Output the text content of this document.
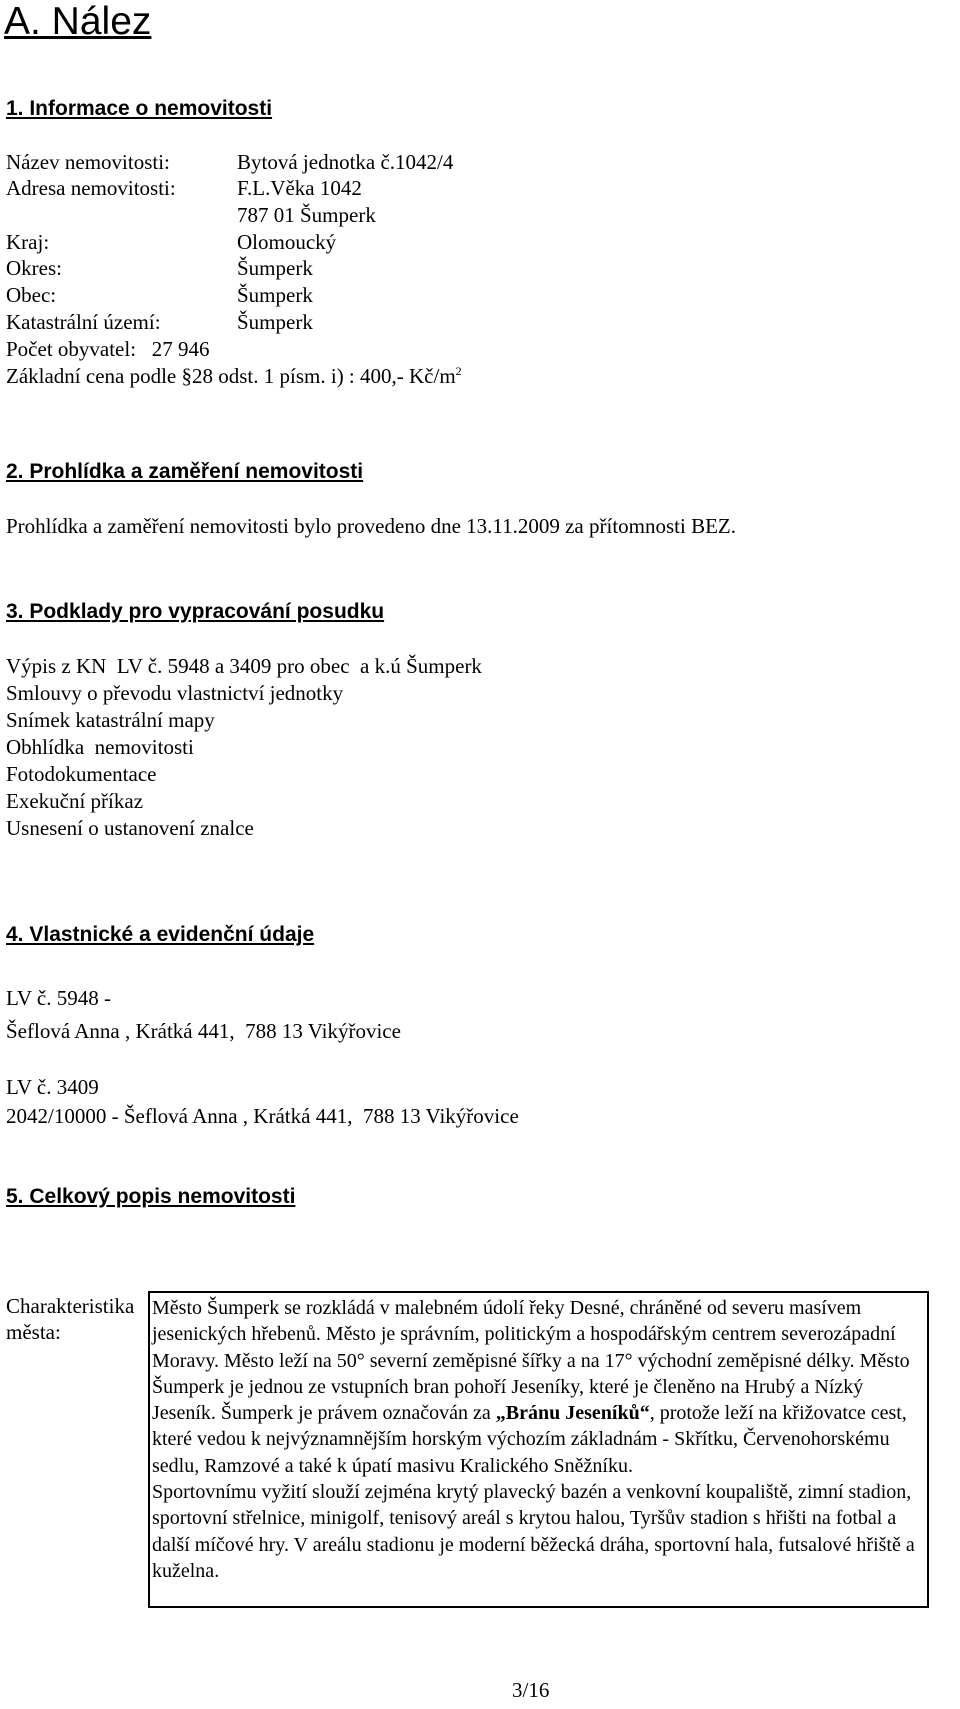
A. Nález
1. Informace o nemovitosti
Název nemovitosti:	Bytová jednotka č.1042/4
Adresa nemovitosti:	F.L.Věka 1042
787 01 Šumperk
Kraj:	Olomoucký
Okres:	Šumperk
Obec:	Šumperk
Katastrální území:	Šumperk
Počet obyvatel:   27 946
Základní cena podle §28 odst. 1 písm. i) : 400,- $Kč/m^2$
2. Prohlídka a zaměření nemovitosti
Prohlídka a zaměření nemovitosti bylo provedeno dne 13.11.2009 za přítomnosti BEZ.
3. Podklady pro vypracování posudku
Výpis z KN  LV č. 5948 a 3409 pro obec  a k.ú Šumperk
Smlouvy o převodu vlastnictví jednotky
Snímek katastrální mapy
Obhlídka  nemovitosti
Fotodokumentace
Exekuční příkaz
Usnesení o ustanovení znalce
4. Vlastnické a evidenční údaje
LV č. 5948 -
Šeflová Anna , Krátká 441,  788 13 Vikýřovice
LV č. 3409
2042/10000 - Šeflová Anna , Krátká 441,  788 13 Vikýřovice
5. Celkový popis nemovitosti
Charakteristika
města:

Město Šumperk se rozkládá v malebném údolí řeky Desné, chráněné od severu masívem jesenických hřebenů. Město je správním, politickým a hospodářským centrem severozápadní Moravy. Město leží na 50° severní zeměpisné šířky a na 17° východní zeměpisné délky. Město Šumperk je jednou ze vstupních bran pohoří Jeseníky, které je členěno na Hrubý a Nízký Jeseník. Šumperk je právem označován za „Bránu Jeseníků“, protože leží na křižovatce cest, které vedou k nejvýznamnějším horským výchozím základnám - Skřítku, Červenohorskému sedlu, Ramzové a také k úpatí masivu Kralického Sněžníku.

Sportovnímu vyžití slouží zejména krytý plavecký bazén a venkovní koupaliště, zimní stadion, sportovní střelnice, minigolf, tenisový areál s krytou halou, Tyršův stadion s hřišti na fotbal a další míčové hry. V areálu stadionu je moderní běžecká dráha, sportovní hala, futsalové hřiště a kuželna.

3/16
